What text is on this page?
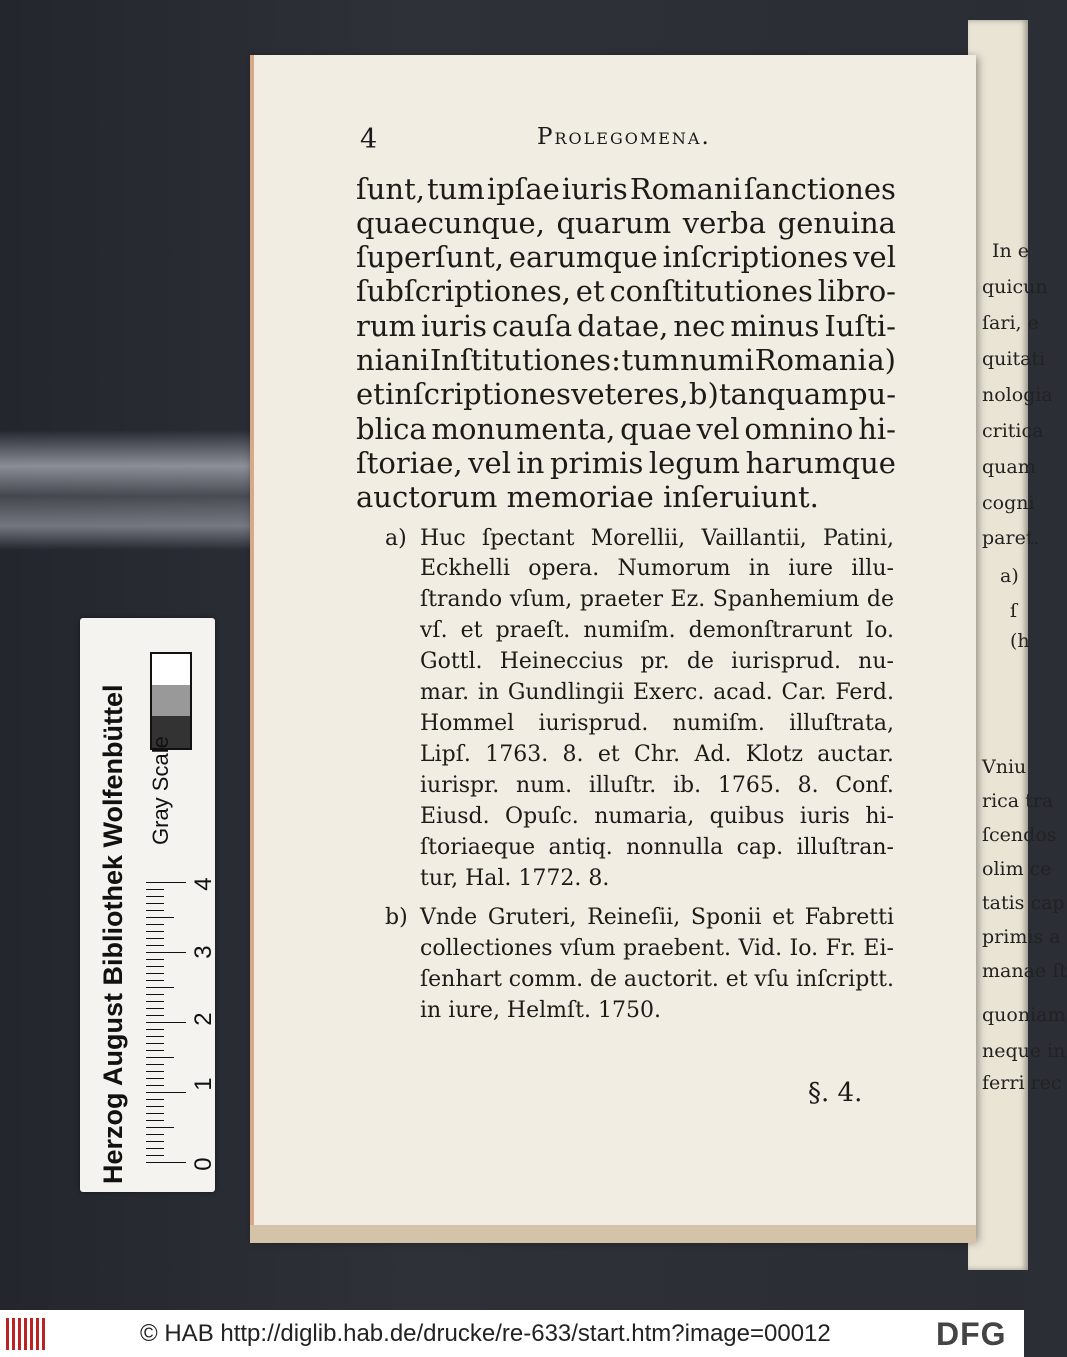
4	Prolegomena.
ſunt, tum ipſae iuris Romani ſanctiones
quaecunque, quarum verba genuina
ſuperſunt, earumque inſcriptiones vel
ſubſcriptiones, et conſtitutiones libro-
rum iuris cauſa datae, nec minus Iuſti-
niani Inſtitutiones: tum numi Romani a)
et inſcriptiones veteres, b) tanquam pu-
blica monumenta, quae vel omnino hi-
ſtoriae, vel in primis legum harumque
auctorum memoriae inſeruiunt.
a) Huc ſpectant Morellii, Vaillantii, Patini,
Eckhelli opera. Numorum in iure illu-
ſtrando vſum, praeter Ez. Spanhemium de
vſ. et praeſt. numiſm. demonſtrarunt Io.
Gottl. Heineccius pr. de iurisprud. nu-
mar. in Gundlingii Exerc. acad. Car. Ferd.
Hommel iurisprud. numiſm. illuſtrata,
Lipſ. 1763. 8. et Chr. Ad. Klotz auctar.
iurispr. num. illuſtr. ib. 1765. 8. Conf.
Eiusd. Opuſc. numaria, quibus iuris hi-
ſtoriaeque antiq. nonnulla cap. illuſtran-
tur, Hal. 1772. 8.
b) Vnde Gruteri, Reineſii, Sponii et Fabretti
collectiones vſum praebent. Vid. Io. Fr. Ei-
ſenhart comm. de auctorit. et vſu inſcriptt.
in iure, Helmſt. 1750.
§. 4.
In e
quicun
ſari, e
quitati
nologia
critica
quam
cogni
paret.
a)
ſ
(h
Vniu
rica tra
ſcendos
olim ce
tatis cap
primis a
manae ſt
quoniam
neque in
ferri rec
Herzog August Bibliothek Wolfenbüttel Gray Scale
0
1
2
3
4
© HAB http://diglib.hab.de/drucke/re-633/start.htm?image=00012	DFG
